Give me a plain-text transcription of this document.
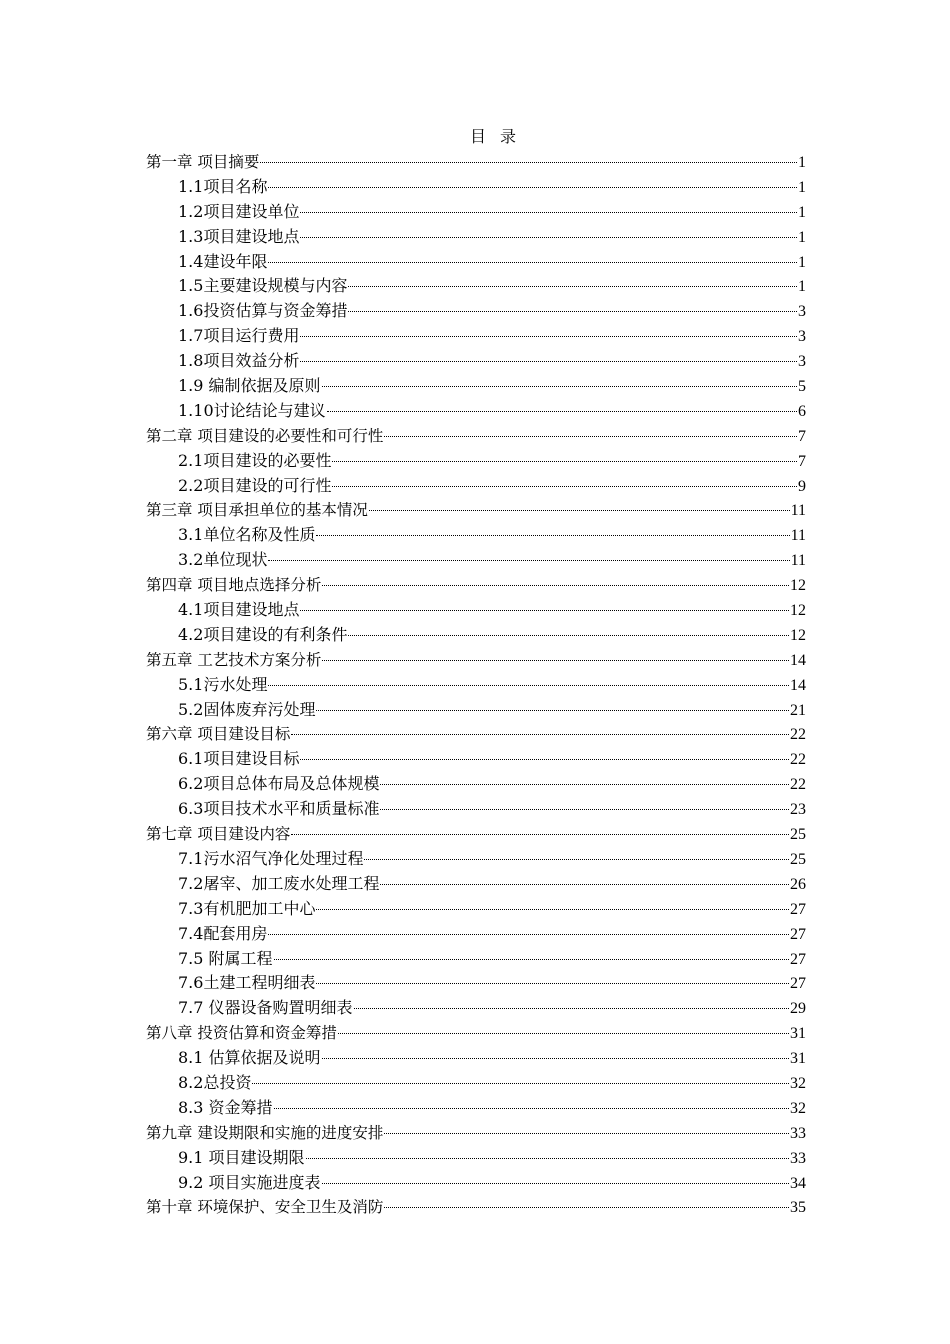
目录
第一章 项目摘要	1
1.1项目名称	1
1.2项目建设单位	1
1.3项目建设地点	1
1.4建设年限	1
1.5主要建设规模与内容	1
1.6投资估算与资金筹措	3
1.7项目运行费用	3
1.8项目效益分析	3
1.9 编制依据及原则	5
1.10讨论结论与建议	6
第二章 项目建设的必要性和可行性	7
2.1项目建设的必要性	7
2.2项目建设的可行性	9
第三章 项目承担单位的基本情况	11
3.1单位名称及性质	11
3.2单位现状	11
第四章 项目地点选择分析	12
4.1项目建设地点	12
4.2项目建设的有利条件	12
第五章 工艺技术方案分析	14
5.1污水处理	14
5.2固体废弃污处理	21
第六章 项目建设目标	22
6.1项目建设目标	22
6.2项目总体布局及总体规模	22
6.3项目技术水平和质量标准	23
第七章 项目建设内容	25
7.1污水沼气净化处理过程	25
7.2屠宰、加工废水处理工程	26
7.3有机肥加工中心	27
7.4配套用房	27
7.5 附属工程	27
7.6土建工程明细表	27
7.7 仪器设备购置明细表	29
第八章 投资估算和资金筹措	31
8.1 估算依据及说明	31
8.2总投资	32
8.3 资金筹措	32
第九章 建设期限和实施的进度安排	33
9.1 项目建设期限	33
9.2 项目实施进度表	34
第十章 环境保护、安全卫生及消防	35
